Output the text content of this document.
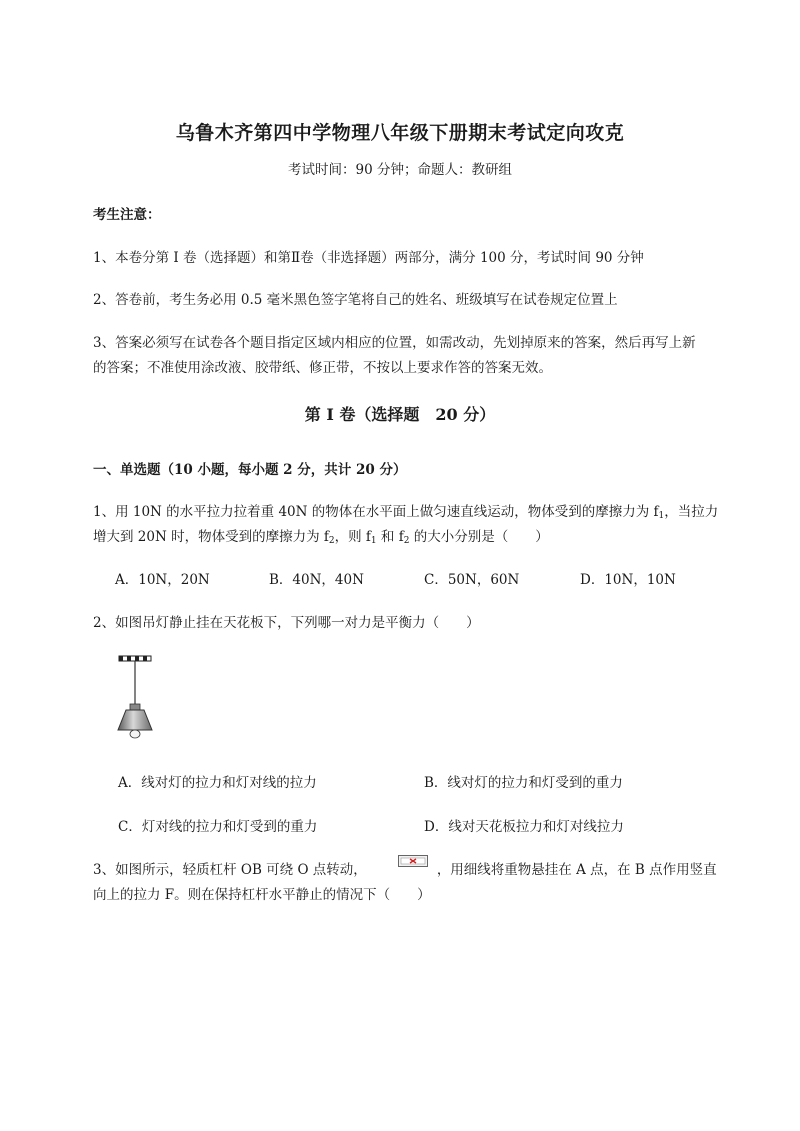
乌鲁木齐第四中学物理八年级下册期末考试定向攻克
考试时间：90 分钟；命题人：教研组
考生注意：
1、本卷分第 I 卷（选择题）和第Ⅱ卷（非选择题）两部分，满分 100 分，考试时间 90 分钟
2、答卷前，考生务必用 0.5 毫米黑色签字笔将自己的姓名、班级填写在试卷规定位置上
3、答案必须写在试卷各个题目指定区域内相应的位置，如需改动，先划掉原来的答案，然后再写上新
的答案；不准使用涂改液、胶带纸、修正带，不按以上要求作答的答案无效。
第 I 卷（选择题　20 分）
一、单选题（10 小题，每小题 2 分，共计 20 分）
1、用 10N 的水平拉力拉着重 40N 的物体在水平面上做匀速直线运动，物体受到的摩擦力为 $f_1$，当拉力
增大到 20N 时，物体受到的摩擦力为 $f_2$，则 $f_1$ 和 $f_2$ 的大小分别是（　　）
A．10N，20N	B．40N，40N	C．50N，60N	D．10N，10N
2、如图吊灯静止挂在天花板下，下列哪一对力是平衡力（　　）
A．线对灯的拉力和灯对线的拉力	B．线对灯的拉力和灯受到的重力
C．灯对线的拉力和灯受到的重力	D．线对天花板拉力和灯对线拉力
3、如图所示，轻质杠杆 OB 可绕 O 点转动，	，用细线将重物悬挂在 A 点，在 B 点作用竖直
向上的拉力 F。则在保持杠杆水平静止的情况下（　　）
